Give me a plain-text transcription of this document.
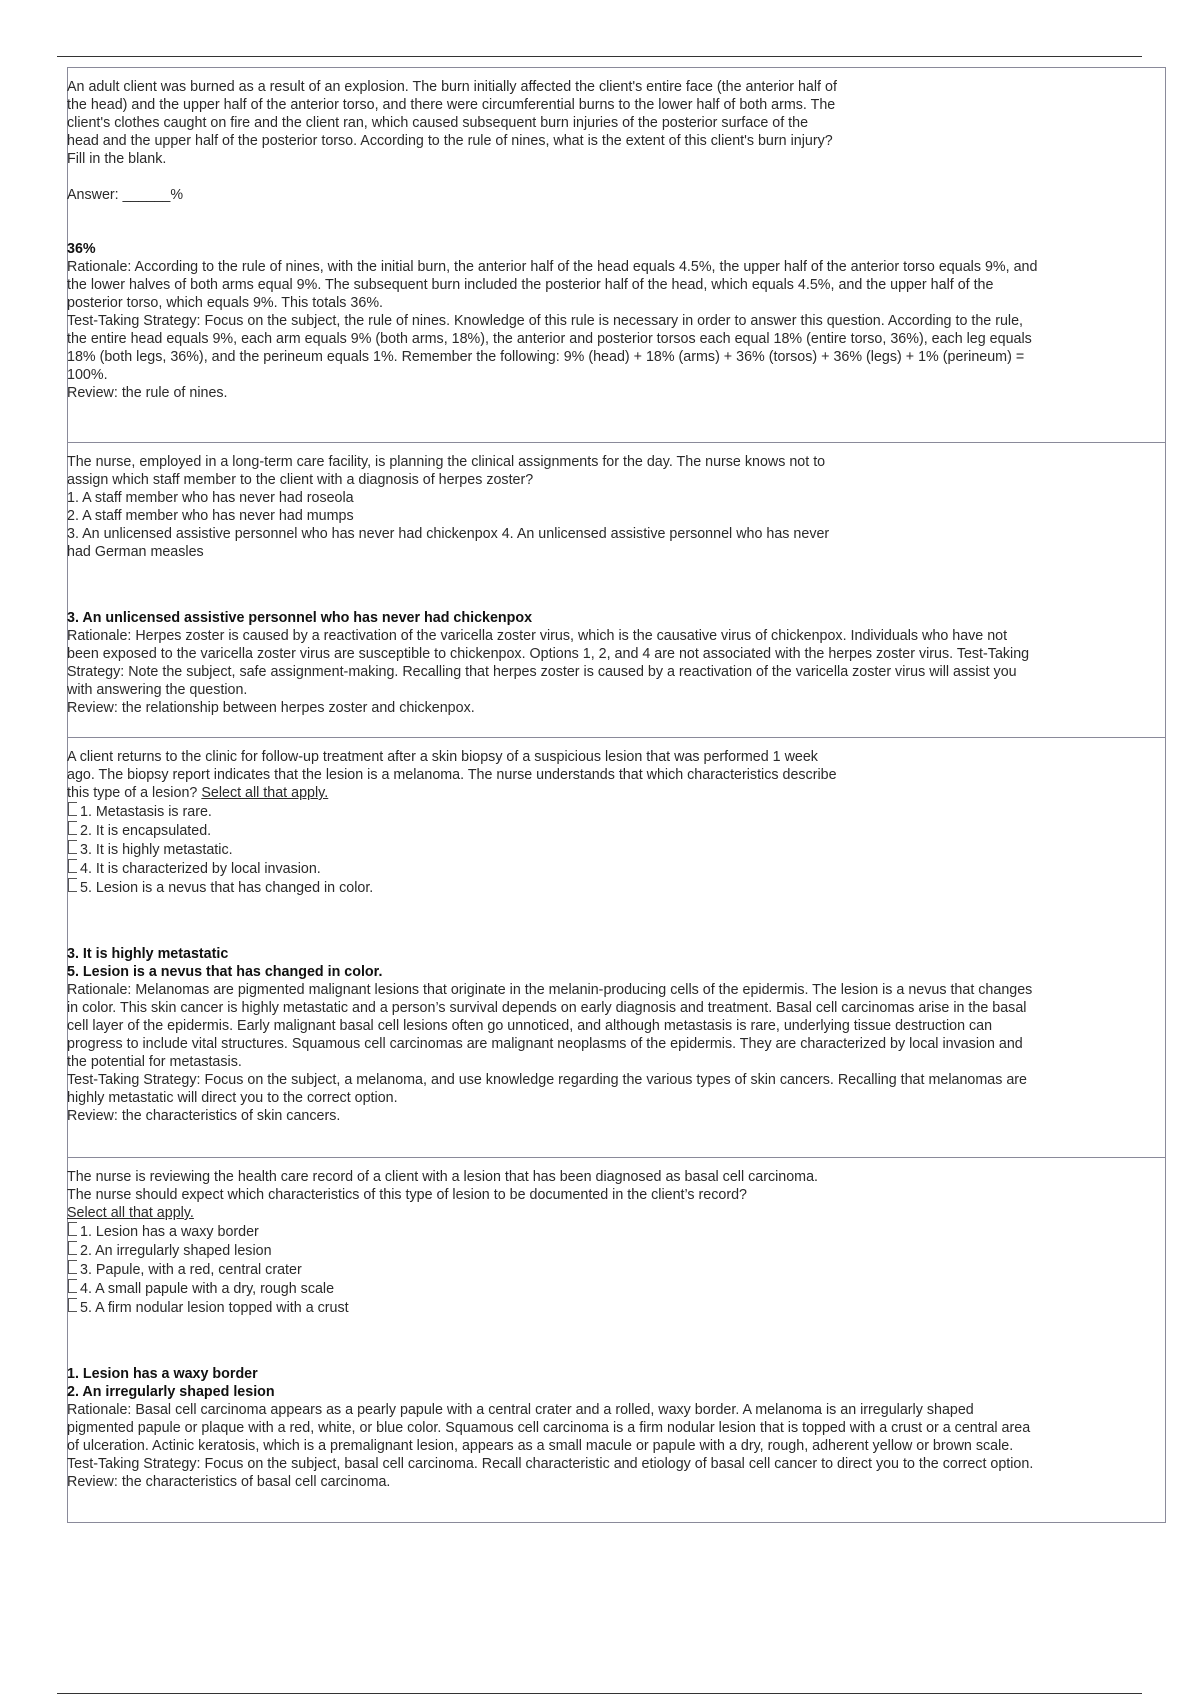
An adult client was burned as a result of an explosion. The burn initially affected the client's entire face (the anterior half of
the head) and the upper half of the anterior torso, and there were circumferential burns to the lower half of both arms. The
client's clothes caught on fire and the client ran, which caused subsequent burn injuries of the posterior surface of the
head and the upper half of the posterior torso. According to the rule of nines, what is the extent of this client's burn injury?
Fill in the blank.
Answer: ______%
36%
Rationale: According to the rule of nines, with the initial burn, the anterior half of the head equals 4.5%, the upper half of the anterior torso equals 9%, and
the lower halves of both arms equal 9%. The subsequent burn included the posterior half of the head, which equals 4.5%, and the upper half of the
posterior torso, which equals 9%. This totals 36%.
Test-Taking Strategy: Focus on the subject, the rule of nines. Knowledge of this rule is necessary in order to answer this question. According to the rule,
the entire head equals 9%, each arm equals 9% (both arms, 18%), the anterior and posterior torsos each equal 18% (entire torso, 36%), each leg equals
18% (both legs, 36%), and the perineum equals 1%. Remember the following: 9% (head) + 18% (arms) + 36% (torsos) + 36% (legs) + 1% (perineum) =
100%.
Review: the rule of nines.
The nurse, employed in a long-term care facility, is planning the clinical assignments for the day. The nurse knows not to
assign which staff member to the client with a diagnosis of herpes zoster?
1. A staff member who has never had roseola
2. A staff member who has never had mumps
3. An unlicensed assistive personnel who has never had chickenpox 4. An unlicensed assistive personnel who has never
had German measles
3. An unlicensed assistive personnel who has never had chickenpox
Rationale: Herpes zoster is caused by a reactivation of the varicella zoster virus, which is the causative virus of chickenpox. Individuals who have not
been exposed to the varicella zoster virus are susceptible to chickenpox. Options 1, 2, and 4 are not associated with the herpes zoster virus. Test-Taking
Strategy: Note the subject, safe assignment-making. Recalling that herpes zoster is caused by a reactivation of the varicella zoster virus will assist you
with answering the question.
Review: the relationship between herpes zoster and chickenpox.
A client returns to the clinic for follow-up treatment after a skin biopsy of a suspicious lesion that was performed 1 week
ago. The biopsy report indicates that the lesion is a melanoma. The nurse understands that which characteristics describe
this type of a lesion? Select all that apply.
1. Metastasis is rare.
2. It is encapsulated.
3. It is highly metastatic.
4. It is characterized by local invasion.
5. Lesion is a nevus that has changed in color.
3. It is highly metastatic
5. Lesion is a nevus that has changed in color.
Rationale: Melanomas are pigmented malignant lesions that originate in the melanin-producing cells of the epidermis. The lesion is a nevus that changes
in color. This skin cancer is highly metastatic and a person’s survival depends on early diagnosis and treatment. Basal cell carcinomas arise in the basal
cell layer of the epidermis. Early malignant basal cell lesions often go unnoticed, and although metastasis is rare, underlying tissue destruction can
progress to include vital structures. Squamous cell carcinomas are malignant neoplasms of the epidermis. They are characterized by local invasion and
the potential for metastasis.
Test-Taking Strategy: Focus on the subject, a melanoma, and use knowledge regarding the various types of skin cancers. Recalling that melanomas are
highly metastatic will direct you to the correct option.
Review: the characteristics of skin cancers.
The nurse is reviewing the health care record of a client with a lesion that has been diagnosed as basal cell carcinoma.
The nurse should expect which characteristics of this type of lesion to be documented in the client’s record?
Select all that apply.
1. Lesion has a waxy border
2. An irregularly shaped lesion
3. Papule, with a red, central crater
4. A small papule with a dry, rough scale
5. A firm nodular lesion topped with a crust
1. Lesion has a waxy border
2. An irregularly shaped lesion
Rationale: Basal cell carcinoma appears as a pearly papule with a central crater and a rolled, waxy border. A melanoma is an irregularly shaped
pigmented papule or plaque with a red, white, or blue color. Squamous cell carcinoma is a firm nodular lesion that is topped with a crust or a central area
of ulceration. Actinic keratosis, which is a premalignant lesion, appears as a small macule or papule with a dry, rough, adherent yellow or brown scale.
Test-Taking Strategy: Focus on the subject, basal cell carcinoma. Recall characteristic and etiology of basal cell cancer to direct you to the correct option.
Review: the characteristics of basal cell carcinoma.
